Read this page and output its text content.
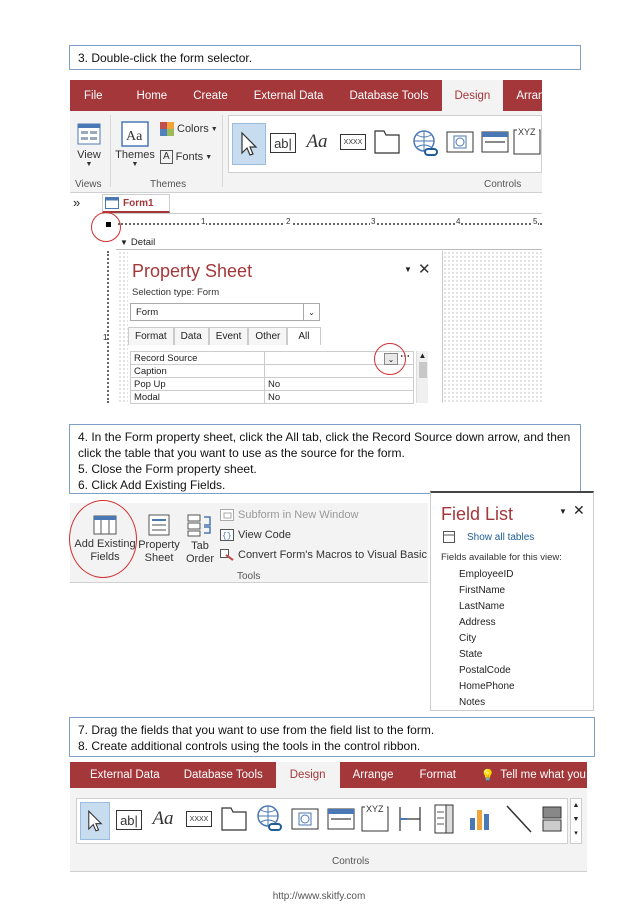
3. Double-click the form selector.
File	Home	Create	External Data	Database Tools	Design	Arrange
View
▼
Aa
Themes
▼
Colors ▼
A Fonts ▼
Views	Themes
ab| Aa	XXXX
XYZ
Controls
»	Form1
1	2	3	4	5
▼ Detail
1
Property Sheet	▼ ✕
Selection type: Form
Form	⌄
Format	Data	Event	Other	All
Record Source	
Caption	
Pop Up	No
Modal	No
⌄ ⋯ ▲
4. In the Form property sheet, click the All tab, click the Record Source down arrow, and then
click the table that you want to use as the source for the form.
5. Close the Form property sheet.
6. Click Add Existing Fields.
Add Existing
Fields
Property
Sheet
Tab
Order
Subform in New Window
{} View Code
Convert Form's Macros to Visual Basic
Tools
Field List	▼ ✕
Show all tables
Fields available for this view:
EmployeeID
FirstName
LastName
Address
City
State
PostalCode
HomePhone
Notes
7. Drag the fields that you want to use from the field list to the form.
8. Create additional controls using the tools in the control ribbon.
External Data	Database Tools	Design	Arrange	Format	💡 Tell me what you want to
ab| Aa	XXXX
XYZ	▲
▼
▾
Controls
http://www.skitfy.com
